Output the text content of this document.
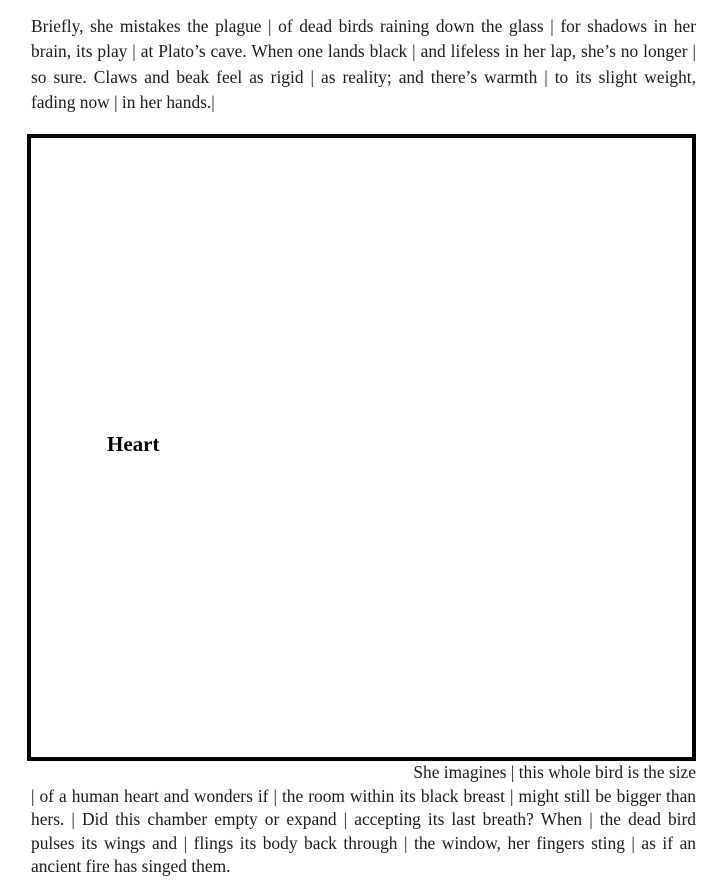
Briefly, she mistakes the plague | of dead birds raining down the glass | for shadows in her brain, its play | at Plato’s cave. When one lands black | and lifeless in her lap, she’s no longer | so sure. Claws and beak feel as rigid | as reality; and there’s warmth | to its slight weight, fading now | in her hands.|

Heart

She imagines | this whole bird is the size
| of a human heart and wonders if | the room within its black breast | might still be bigger than hers. | Did this chamber empty or expand | accepting its last breath? When | the dead bird pulses its wings and | flings its body back through | the window, her fingers sting | as if an ancient fire has singed them.
